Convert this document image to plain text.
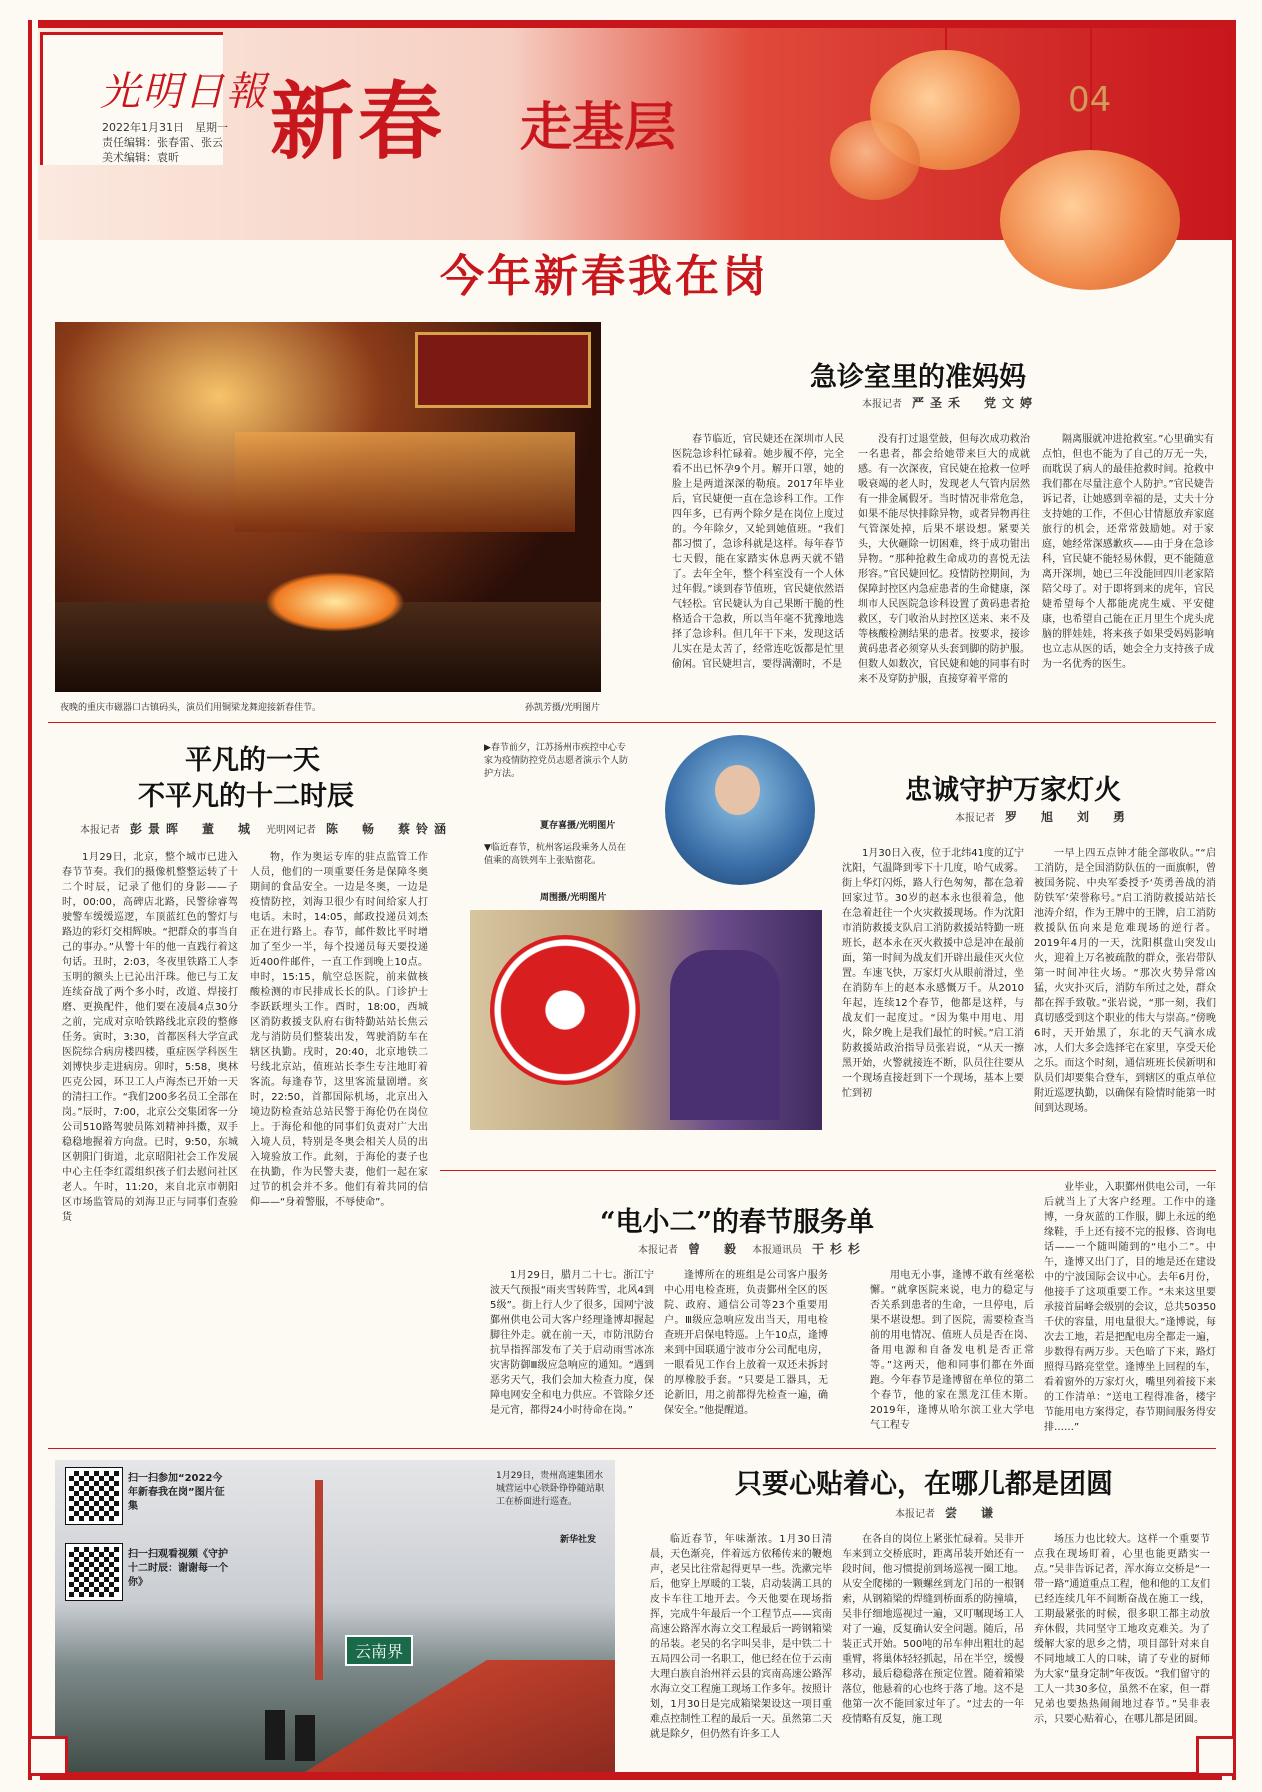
光明日報
2022年1月31日　星期一
责任编辑：张春雷、张云
美术编辑：袁昕	新春 走基层	04
今年新春我在岗
夜晚的重庆市磁器口古镇码头，演员们用铜梁龙舞迎接新春佳节。	孙凯芳摄/光明图片
急诊室里的准妈妈
本报记者　 严圣禾　党文婷

春节临近，官民婕还在深圳市人民医院急诊科忙碌着。她步履不停，完全看不出已怀孕9个月。解开口罩，她的脸上是两道深深的勒痕。2017年毕业后，官民婕便一直在急诊科工作。工作四年多，已有两个除夕是在岗位上度过的。今年除夕，又轮到她值班。“我们都习惯了，急诊科就是这样。每年春节七天假，能在家踏实休息两天就不错了。去年全年，整个科室没有一个人休过年假。”谈到春节值班，官民婕依然语气轻松。官民婕认为自己果断干脆的性格适合干急救，所以当年毫不犹豫地选择了急诊科。但几年干下来，发现这话儿实在是太苦了，经常连吃饭都是忙里偷闲。官民婕坦言，要得满潮时，不是

没有打过退堂鼓，但每次成功救治一名患者，都会给她带来巨大的成就感。有一次深夜，官民婕在抢救一位呼吸衰竭的老人时，发现老人气管内居然有一排金属假牙。当时情况非常危急，如果不能尽快排除异物，或者异物再往气管深处掉，后果不堪设想。紧要关头，大伙砸除一切困难，终于成功钳出异物。“那种抢救生命成功的喜悦无法形容。”官民婕回忆。疫情防控期间，为保障封控区内急症患者的生命健康，深圳市人民医院急诊科设置了黄码患者抢救区，专门收治从封控区送来、来不及等核酸检测结果的患者。按要求，接诊黄码患者必须穿从头套到脚的防护服。但数人如数次，官民婕和她的同事有时来不及穿防护服，直接穿着平常的

隔离服就冲进抢救室。”心里确实有点怕，但也不能为了自己的万无一失，而耽误了病人的最佳抢救时间。抢救中我们都在尽量注意个人防护。”官民婕告诉记者，让她感到幸福的是，丈夫十分支持她的工作，不但心甘情愿放弃家庭旅行的机会，还常常鼓励她。对于家庭，她经常深感歉疚——由于身在急诊科，官民婕不能轻易休假，更不能随意离开深圳，她已三年没能回四川老家陪陪父母了。对于即将到来的虎年，官民婕希望每个人都能虎虎生威、平安健康，也希望自己能在正月里生个虎头虎脑的胖娃娃，将来孩子如果受妈妈影响也立志从医的话，她会全力支持孩子成为一名优秀的医生。

平凡的一天
不平凡的十二时辰
本报记者　 彭景晖　董　城　 光明网记者　 陈　畅　蔡铃涵

1月29日，北京，整个城市已进入春节节奏。我们的摄像机整整运转了十二个时辰，记录了他们的身影——子时，00:00，高碑店北路，民警徐睿驾驶警车缓缓巡逻，车顶蓝红色的警灯与路边的彩灯交相辉映。“把群众的事当自己的事办。”从警十年的他一直践行着这句话。丑时，2:03，冬夜里铁路工人李玉明的额头上已沁出汗珠。他已与工友连续奋战了两个多小时，改道、焊接打磨、更换配件，他们要在凌晨4点30分之前，完成对京哈铁路线北京段的整修任务。寅时，3:30，首都医科大学宣武医院综合病房楼四楼，重症医学科医生刘博快步走进病房。卯时，5:58，奥林匹克公园，环卫工人卢海杰已开始一天的清扫工作。“我们200多名员工全部在岗。”辰时，7:00，北京公交集团客一分公司510路驾驶员陈刘精神抖擞，双手稳稳地握着方向盘。已时，9:50，东城区朝阳门街道，北京昭阳社会工作发展中心主任李红霞组织孩子们去慰问社区老人。午时，11:20，来自北京市朝阳区市场监管局的刘海卫正与同事们查验货

物，作为奥运专库的驻点监管工作人员，他们的一项重要任务是保障冬奥期间的食品安全。一边是冬奥，一边是疫情防控，刘海卫很少有时间给家人打电话。未时，14:05，邮政投递员刘杰正在进行路上。春节，邮件数比平时增加了至少一半，每个投递员每天要投递近400件邮件，一直工作到晚上10点。申时，15:15，航空总医院，前来做核酸检测的市民排成长长的队。门诊护士李跃跃埋头工作。酉时，18:00，西城区消防救援支队府右街特勤站站长焦云龙与消防员们整装出发，驾驶消防车在辖区执勤。戌时，20:40，北京地铁二号线北京站，值班站长李生专注地盯着客流。每逢春节，这里客流量剧增。亥时，22:50，首都国际机场，北京出入境边防检查站总站民警于海伦仍在岗位上。于海伦和他的同事们负责对广大出入境人员，特别是冬奥会相关人员的出入境验放工作。此刻，于海伦的妻子也在执勤，作为民警夫妻，他们一起在家过节的机会并不多。他们有着共同的信仰——“身着警服，不辱使命”。

▶春节前夕，江苏扬州市疾控中心专家为疫情防控党员志愿者演示个人防护方法。
夏存喜摄/光明图片
▼临近春节，杭州客运段乘务人员在值乘的高铁列车上张贴窗花。
周围摄/光明图片
忠诚守护万家灯火
本报记者　 罗　旭　刘　勇

1月30日入夜，位于北纬41度的辽宁沈阳，气温降到零下十几度，哈气成雾。街上华灯闪烁，路人行色匆匆，都在急着回家过节。30岁的赵本永也很着急，他在急着赶往一个火灾救援现场。作为沈阳市消防救援支队启工消防救援站特勤一班班长，赵本永在灭火救援中总是冲在最前面，第一时间为战友们开辟出最佳灭火位置。车速飞快，万家灯火从眼前滑过，坐在消防车上的赵本永感慨万千。从2010年起，连续12个春节，他都是这样，与战友们一起度过。“因为集中用电、用火，除夕晚上是我们最忙的时候。”启工消防救援站政治指导员张岩说，“从天一擦黑开始，火警就接连不断，队员往往要从一个现场直接赶到下一个现场，基本上要忙到初

一早上四五点钟才能全部收队。”“启工消防，是全国消防队伍的一面旗帜，曾被国务院、中央军委授予‘英勇善战的消防铁军’荣誉称号。”启工消防救援站站长池涛介绍，作为王牌中的王牌，启工消防救援队伍向来是危难现场的逆行者。2019年4月的一天，沈阳棋盘山突发山火，迎着上万名被疏散的群众，张岩带队第一时间冲往火场。“那次火势异常凶猛，火灾扑灭后，消防车所过之处，群众都在挥手致敬。”张岩说，“那一刻，我们真切感受到这个职业的伟大与崇高。”傍晚6时，天开始黑了，东北的天气滴水成冰，人们大多会选择宅在家里，享受天伦之乐。而这个时刻，通信班班长侯新明和队员们却要集合登车，到辖区的重点单位附近巡逻执勤，以确保有险情时能第一时间到达现场。

“电小二”的春节服务单
本报记者　 曾　毅　 本报通讯员　 干杉杉

1月29日，腊月二十七。浙江宁波天气预报“雨夹雪转阵雪，北风4到5级”。街上行人少了很多，国网宁波鄞州供电公司大客户经理逢博却握起脚往外走。就在前一天，市防汛防台抗旱指挥部发布了关于启动雨雪冰冻灾害防御Ⅲ级应急响应的通知。“遇到恶劣天气，我们会加大检查力度，保障电网安全和电力供应。不管除夕还是元宵，都得24小时待命在岗。”

逢博所在的班组是公司客户服务中心用电检查班，负责鄞州全区的医院、政府、通信公司等23个重要用户。Ⅲ级应急响应发出当天，用电检查班开启保电特巡。上午10点，逢博来到中国联通宁波市分公司配电房，一眼看见工作台上放着一双还未拆封的厚橡胶手套。“只要是工器具，无论新旧，用之前都得先检查一遍，确保安全。”他提醒道。

用电无小事，逢博不敢有丝毫松懈。“就拿医院来说，电力的稳定与否关系到患者的生命，一旦停电，后果不堪设想。到了医院，需要检查当前的用电情况、值班人员是否在岗、备用电源和自备发电机是否正常等。”这两天，他和同事们都在外面跑。今年春节是逢博留在单位的第二个春节，他的家在黑龙江佳木斯。2019年，逢博从哈尔滨工业大学电气工程专

业毕业，入职鄞州供电公司，一年后就当上了大客户经理。工作中的逢博，一身灰蓝的工作服，脚上永远的绝缘鞋，手上还有接不完的报修、咨询电话——一个随叫随到的“电小二”。中午，逢博又出门了，目的地是还在建设中的宁波国际会议中心。去年6月份，他接手了这项重要工作。“未来这里要承接首届峰会级别的会议，总共50350千伏的容量，用电量很大。”逢博说，每次去工地，若是把配电房全都走一遍，步数得有两万步。天色暗了下来，路灯照得马路亮堂堂。逢博坐上回程的车，看着窗外的万家灯火，嘴里列着接下来的工作清单：“送电工程得准备，楼宇节能用电方案得定，春节期间服务得安排……”

扫一扫参加“2022今年新春我在岗”图片征集
扫一扫观看视频《守护十二时辰：谢谢每一个你》
云南界
1月29日，贵州高速集团水城营运中心铁卧铮铮随站职工在桥面进行巡查。
新华社发
只要心贴着心，在哪儿都是团圆
本报记者　 尝　谦

临近春节，年味渐浓。1月30日清晨，天色渐亮，伴着远方依稀传来的鞭炮声，老吴比往常起得更早一些。洗漱完毕后，他穿上厚暖的工装，启动装满工具的皮卡车往工地开去。今天他要在现场指挥，完成牛年最后一个工程节点——宾南高速公路浑水海立交工程最后一跨钢箱梁的吊装。老吴的名字叫吴非，是中铁二十五局四公司一名职工，他已经在位于云南大理白族自治州祥云县的宾南高速公路浑水海立交工程施工现场工作多年。按照计划，1月30日是完成箱梁架设这一项目重难点控制性工程的最后一天。虽然第二天就是除夕，但仍然有许多工人

在各自的岗位上紧张忙碌着。吴非开车来到立交桥底时，距离吊装开始还有一段时间，他习惯提前到场巡视一圈工地。从安全爬梯的一颗螺丝到龙门吊的一根钢索，从钢箱梁的焊缝到桥面系的防撞墙，吴非仔细地巡视过一遍，又叮嘱现场工人对了一遍，反复确认安全问题。随后，吊装正式开始。500吨的吊车伸出粗壮的起重臂，将巢体轻轻抓起，吊在半空，缓慢移动，最后稳稳落在预定位置。随着箱梁落位，他悬着的心也终于落了地。这不是他第一次不能回家过年了。“过去的一年疫情略有反复，施工现

场压力也比较大。这样一个重要节点我在现场盯着，心里也能更踏实一点。”吴非告诉记者，浑水海立交桥是“一带一路”通道重点工程，他和他的工友们已经连续几年不间断奋战在施工一线，工期最紧张的时候，很多职工都主动放弃休假，共同坚守工地攻克难关。为了缓解大家的思乡之情，项目部针对来自不同地域工人的口味，请了专业的厨师为大家“量身定制”年夜饭。“我们留守的工人一共30多位，虽然不在家，但一群兄弟也要热热闹闹地过春节。”吴非表示，只要心贴着心，在哪儿都是团圆。
